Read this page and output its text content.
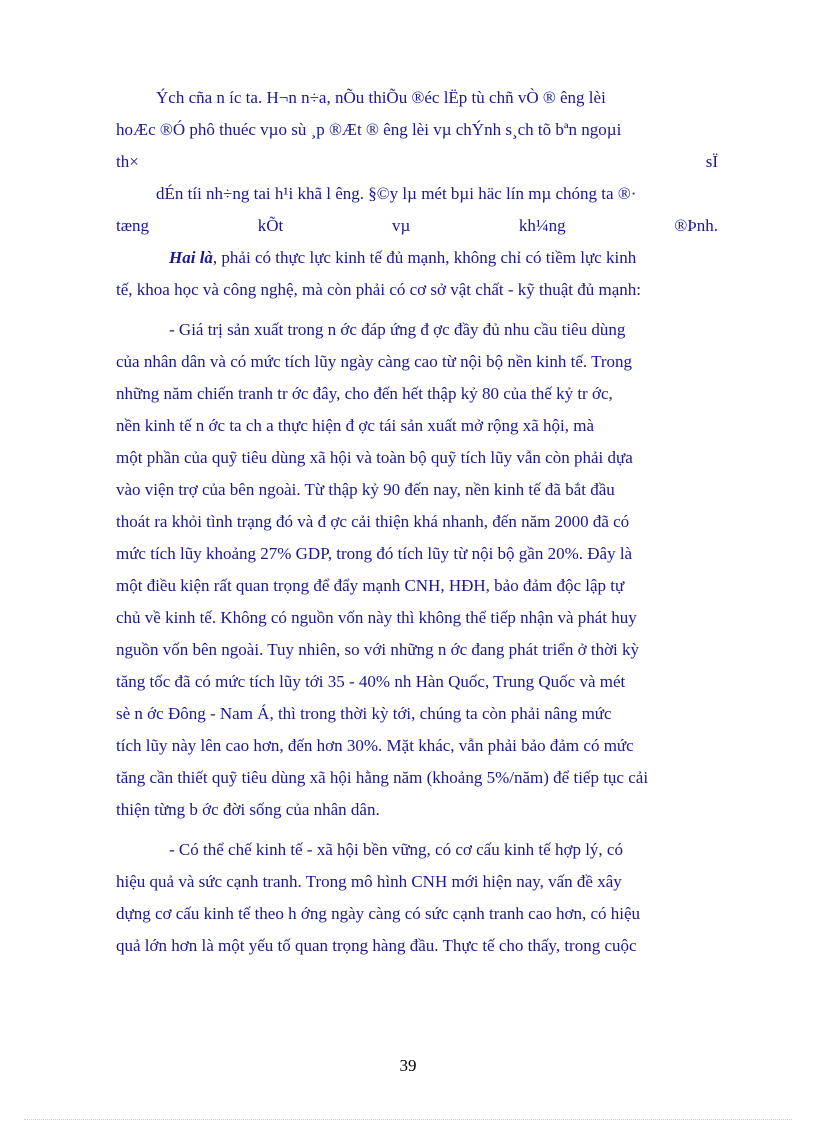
Ých cña n íc ta. H¬n n÷a, nÕu thiÕu ®éc lËp tù chñ vÒ ® êng lèi
hoÆc ®Ó phô thuéc vµo sù ¸p ®Æt ® êng lèi vµ chÝnh s¸ch tõ bªn ngoµi
th×	sÏ
dÉn tíi nh÷ng tai h¹i khã l êng. §©y lµ mét bµi häc lín mµ chóng ta ®·
tæng	kÕt	vµ	kh¼ng	®Þnh.
Hai là, phải có thực lực kinh tế đủ mạnh, không chỉ có tiềm lực kinh
tế, khoa học và công nghệ, mà còn phải có cơ sở vật chất - kỹ thuật đủ mạnh:
- Giá trị sản xuất trong n ớc đáp ứng đ ợc đầy đủ nhu cầu tiêu dùng
của nhân dân và có mức tích lũy ngày càng cao từ nội bộ nền kinh tế. Trong
những năm chiến tranh tr ớc đây, cho đến hết thập kỷ 80 của thế kỷ tr ớc,
nền kinh tế n ớc ta ch a thực hiện đ ợc tái sản xuất mở rộng xã hội, mà
một phần của quỹ tiêu dùng xã hội và toàn bộ quỹ tích lũy vẫn còn phải dựa
vào viện trợ của bên ngoài. Từ thập kỷ 90 đến nay, nền kinh tế đã bắt đầu
thoát ra khỏi tình trạng đó và đ ợc cải thiện khá nhanh, đến năm 2000 đã có
mức tích lũy khoảng 27% GDP, trong đó tích lũy từ nội bộ gần 20%. Đây là
một điều kiện rất quan trọng để đẩy mạnh CNH, HĐH, bảo đảm độc lập tự
chủ về kinh tế. Không có nguồn vốn này thì không thể tiếp nhận và phát huy
nguồn vốn bên ngoài. Tuy nhiên, so với những n ớc đang phát triển ở thời kỳ
tăng tốc đã có mức tích lũy tới 35 - 40% nh Hàn Quốc, Trung Quốc và mét
sè n ớc Đông - Nam Á, thì trong thời kỳ tới, chúng ta còn phải nâng mức
tích lũy này lên cao hơn, đến hơn 30%. Mặt khác, vẫn phải bảo đảm có mức
tăng cần thiết quỹ tiêu dùng xã hội hằng năm (khoảng 5%/năm) để tiếp tục cải
thiện từng b ớc đời sống của nhân dân.
- Có thể chế kinh tế - xã hội bền vững, có cơ cấu kinh tế hợp lý, có
hiệu quả và sức cạnh tranh. Trong mô hình CNH mới hiện nay, vấn đề xây
dựng cơ cấu kinh tế theo h ớng ngày càng có sức cạnh tranh cao hơn, có hiệu
quả lớn hơn là một yếu tố quan trọng hàng đầu. Thực tế cho thấy, trong cuộc
39
